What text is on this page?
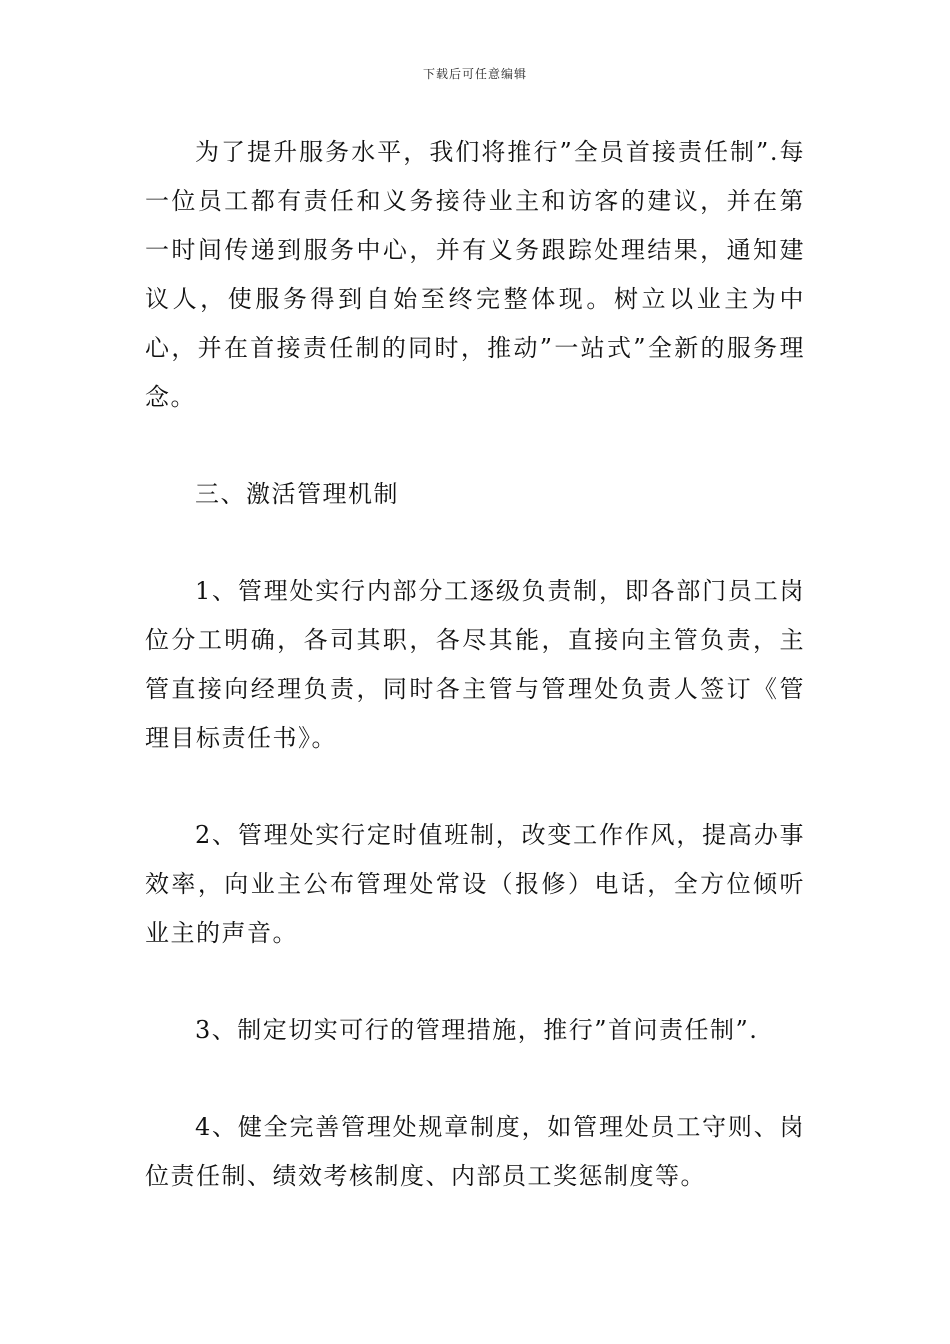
下载后可任意编辑

为了提升服务水平，我们将推行”全员首接责任制”.每一位员工都有责任和义务接待业主和访客的建议，并在第一时间传递到服务中心，并有义务跟踪处理结果，通知建议人，使服务得到自始至终完整体现。树立以业主为中心，并在首接责任制的同时，推动”一站式”全新的服务理念。

三、激活管理机制

1、管理处实行内部分工逐级负责制，即各部门员工岗位分工明确，各司其职，各尽其能，直接向主管负责，主管直接向经理负责，同时各主管与管理处负责人签订《管理目标责任书》。

2、管理处实行定时值班制，改变工作作风，提高办事效率，向业主公布管理处常设（报修）电话，全方位倾听业主的声音。

3、制定切实可行的管理措施，推行”首问责任制”.

4、健全完善管理处规章制度，如管理处员工守则、岗位责任制、绩效考核制度、内部员工奖惩制度等。
